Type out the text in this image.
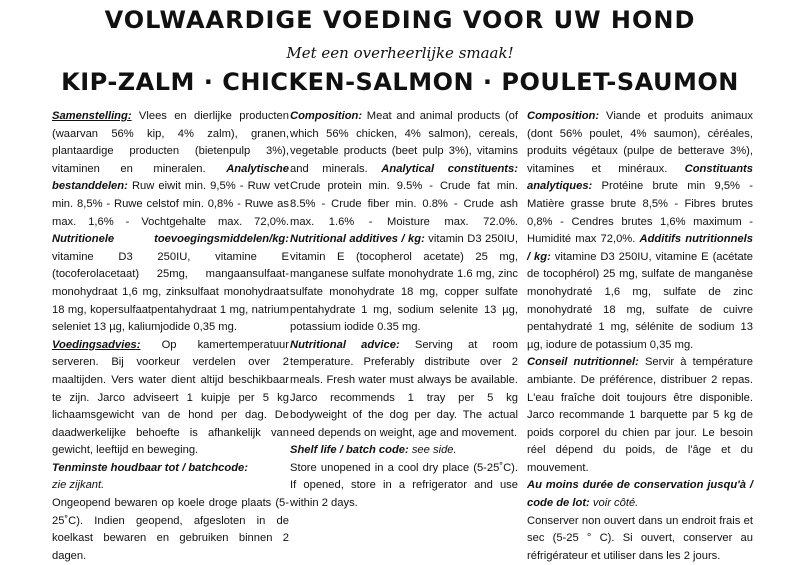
VOLWAARDIGE VOEDING VOOR UW HOND
Met een overheerlijke smaak!
KIP-ZALM · CHICKEN-SALMON · POULET-SAUMON

Samenstelling: Vlees en dierlijke producten (waarvan 56% kip, 4% zalm), granen, plantaardige producten (bietenpulp 3%), vitaminen en mineralen. Analytische bestanddelen: Ruw eiwit min. 9,5% - Ruw vet min. 8,5% - Ruwe celstof min. 0,8% - Ruwe as max. 1,6% - Vochtgehalte max. 72,0%. Nutritionele toevoegingsmiddelen/kg: vitamine D3 250IU, vitamine E (tocoferolacetaat) 25mg, mangaansulfaat-monohydraat 1,6 mg, zinksulfaat monohydraat 18 mg, kopersulfaatpentahydraat 1 mg, natrium seleniet 13 µg, kaliumjodide 0,35 mg.

Voedingsadvies: Op kamertemperatuur serveren. Bij voorkeur verdelen over 2 maaltijden. Vers water dient altijd beschikbaar te zijn. Jarco adviseert 1 kuipje per 5 kg lichaamsgewicht van de hond per dag. De daadwerkelijke behoefte is afhankelijk van gewicht, leeftijd en beweging.

Tenminste houdbaar tot / batchcode:
zie zijkant.

Ongeopend bewaren op koele droge plaats (5-25˚C). Indien geopend, afgesloten in de koelkast bewaren en gebruiken binnen 2 dagen.

Composition: Meat and animal products (of which 56% chicken, 4% salmon), cereals, vegetable products (beet pulp 3%), vitamins and minerals. Analytical constituents: Crude protein min. 9.5% - Crude fat min. 8.5% - Crude fiber min. 0.8% - Crude ash max. 1.6% - Moisture max. 72.0%. Nutritional additives / kg: vitamin D3 250IU, vitamin E (tocopherol acetate) 25 mg, manganese sulfate monohydrate 1.6 mg, zinc sulfate monohydrate 18 mg, copper sulfate pentahydrate 1 mg, sodium selenite 13 µg, potassium iodide 0.35 mg.

Nutritional advice: Serving at room temperature. Preferably distribute over 2 meals. Fresh water must always be available. Jarco recommends 1 tray per 5 kg bodyweight of the dog per day. The actual need depends on weight, age and movement.

Shelf life / batch code: see side.

Store unopened in a cool dry place (5-25˚C). If opened, store in a refrigerator and use within 2 days.

Composition: Viande et produits animaux (dont 56% poulet, 4% saumon), céréales, produits végétaux (pulpe de betterave 3%), vitamines et minéraux. Constituants analytiques: Protéine brute min 9,5% - Matière grasse brute 8,5% - Fibres brutes 0,8% - Cendres brutes 1,6% maximum - Humidité max 72,0%. Additifs nutritionnels / kg: vitamine D3 250IU, vitamine E (acétate de tocophérol) 25 mg, sulfate de manganèse monohydraté 1,6 mg, sulfate de zinc monohydraté 18 mg, sulfate de cuivre pentahydraté 1 mg, sélénite de sodium 13 µg, iodure de potassium 0,35 mg.

Conseil nutritionnel: Servir à température ambiante. De préférence, distribuer 2 repas. L'eau fraîche doit toujours être disponible. Jarco recommande 1 barquette par 5 kg de poids corporel du chien par jour. Le besoin réel dépend du poids, de l'âge et du mouvement.

Au moins durée de conservation jusqu'à / code de lot: voir côté.

Conserver non ouvert dans un endroit frais et sec (5-25 ° C). Si ouvert, conserver au réfrigérateur et utiliser dans les 2 jours.
